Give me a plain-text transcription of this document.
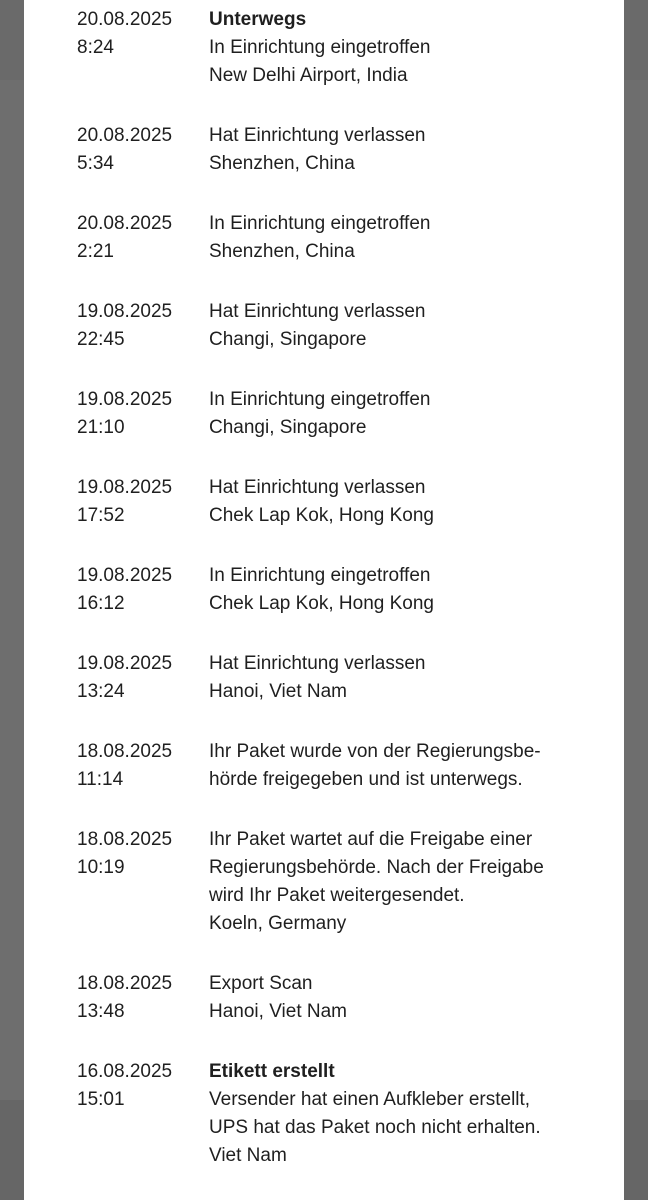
20.08.2025
8:24
Unterwegs
In Einrichtung eingetroffen
New Delhi Airport, India
20.08.2025
5:34
Hat Einrichtung verlassen
Shenzhen, China
20.08.2025
2:21
In Einrichtung eingetroffen
Shenzhen, China
19.08.2025
22:45
Hat Einrichtung verlassen
Changi, Singapore
19.08.2025
21:10
In Einrichtung eingetroffen
Changi, Singapore
19.08.2025
17:52
Hat Einrichtung verlassen
Chek Lap Kok, Hong Kong
19.08.2025
16:12
In Einrichtung eingetroffen
Chek Lap Kok, Hong Kong
19.08.2025
13:24
Hat Einrichtung verlassen
Hanoi, Viet Nam
18.08.2025
11:14
Ihr Paket wurde von der Regierungsbe-
hörde freigegeben und ist unterwegs.
18.08.2025
10:19
Ihr Paket wartet auf die Freigabe einer
Regierungsbehörde. Nach der Freigabe
wird Ihr Paket weitergesendet.
Koeln, Germany
18.08.2025
13:48
Export Scan
Hanoi, Viet Nam
16.08.2025
15:01
Etikett erstellt
Versender hat einen Aufkleber erstellt,
UPS hat das Paket noch nicht erhalten.
Viet Nam
